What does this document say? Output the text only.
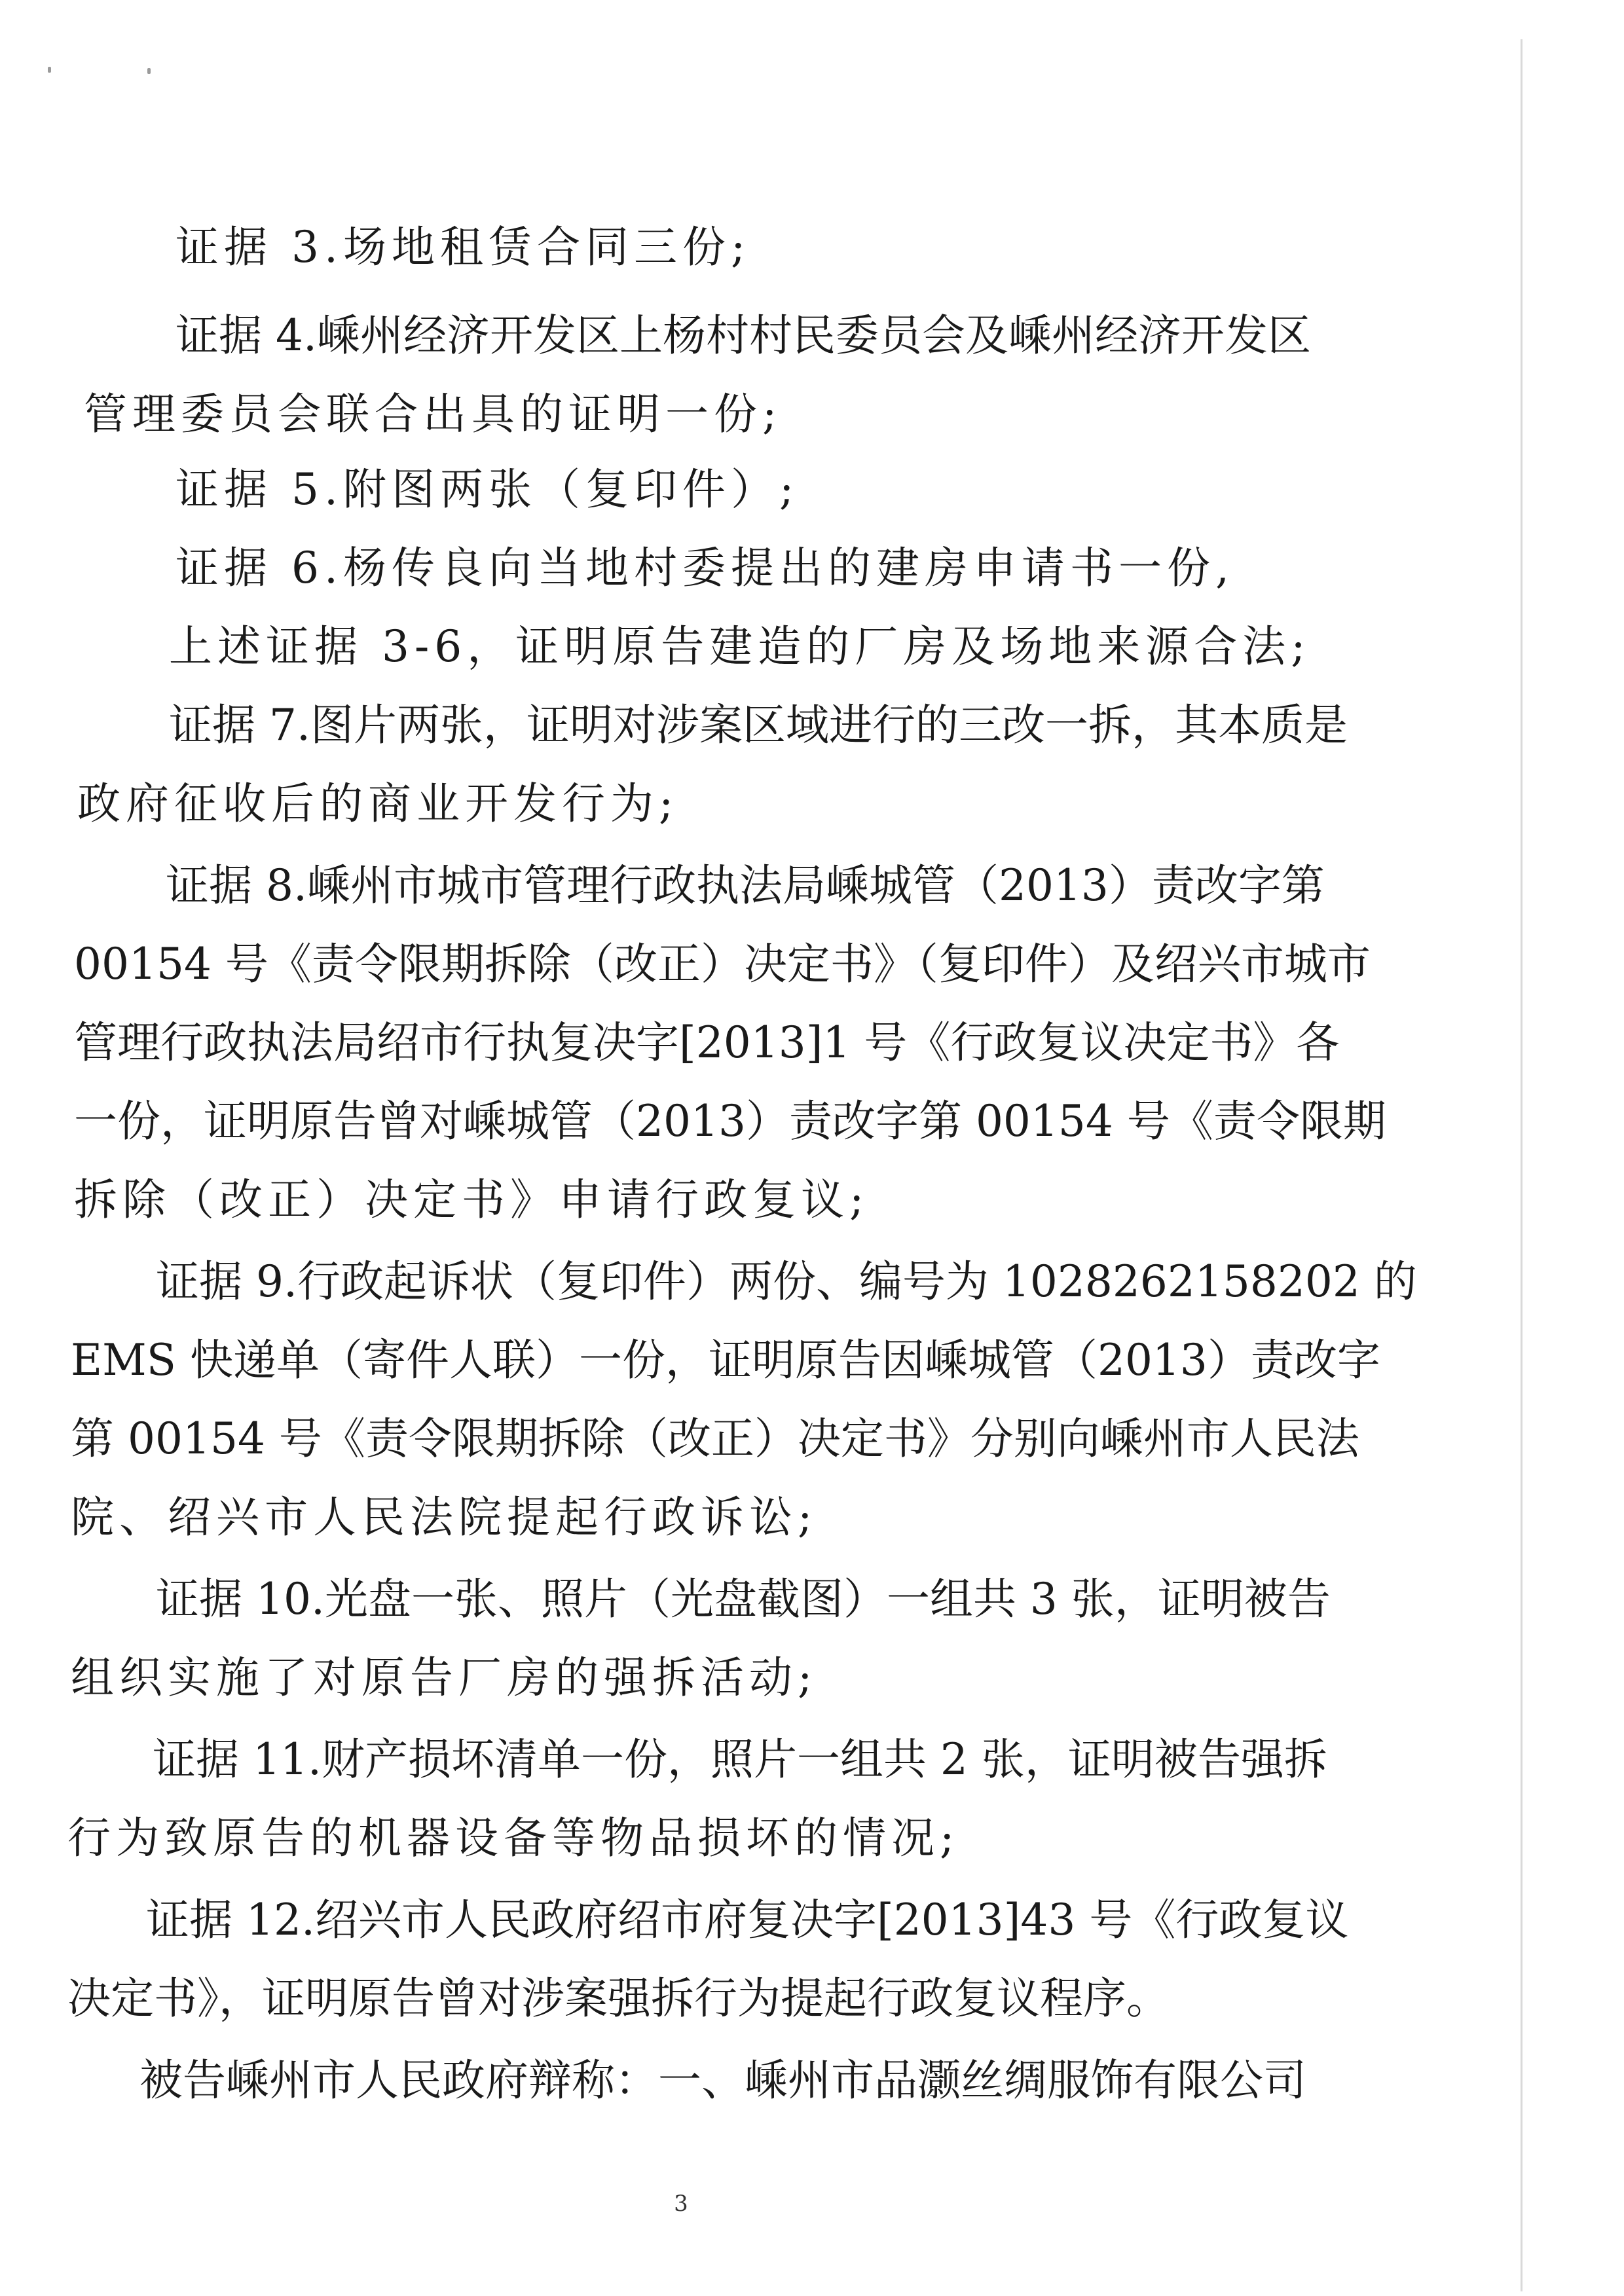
证据 3.场地租赁合同三份;
证据 4.嵊州经济开发区上杨村村民委员会及嵊州经济开发区
管理委员会联合出具的证明一份;
证据 5.附图两张（复印件）;
证据 6.杨传良向当地村委提出的建房申请书一份,
上述证据 3-6，证明原告建造的厂房及场地来源合法;
证据 7.图片两张，证明对涉案区域进行的三改一拆，其本质是
政府征收后的商业开发行为;
证据 8.嵊州市城市管理行政执法局嵊城管（2013）责改字第
00154 号《责令限期拆除（改正）决定书》（复印件）及绍兴市城市
管理行政执法局绍市行执复决字[2013]1 号《行政复议决定书》各
一份，证明原告曾对嵊城管（2013）责改字第 00154 号《责令限期
拆除（改正）决定书》申请行政复议;
证据 9.行政起诉状（复印件）两份、编号为 1028262158202 的
EMS 快递单（寄件人联）一份，证明原告因嵊城管（2013）责改字
第 00154 号《责令限期拆除（改正）决定书》分别向嵊州市人民法
院、绍兴市人民法院提起行政诉讼;
证据 10.光盘一张、照片（光盘截图）一组共 3 张，证明被告
组织实施了对原告厂房的强拆活动;
证据 11.财产损坏清单一份，照片一组共 2 张，证明被告强拆
行为致原告的机器设备等物品损坏的情况;
证据 12.绍兴市人民政府绍市府复决字[2013]43 号《行政复议
决定书》，证明原告曾对涉案强拆行为提起行政复议程序。
被告嵊州市人民政府辩称：一、嵊州市品灏丝绸服饰有限公司
3
